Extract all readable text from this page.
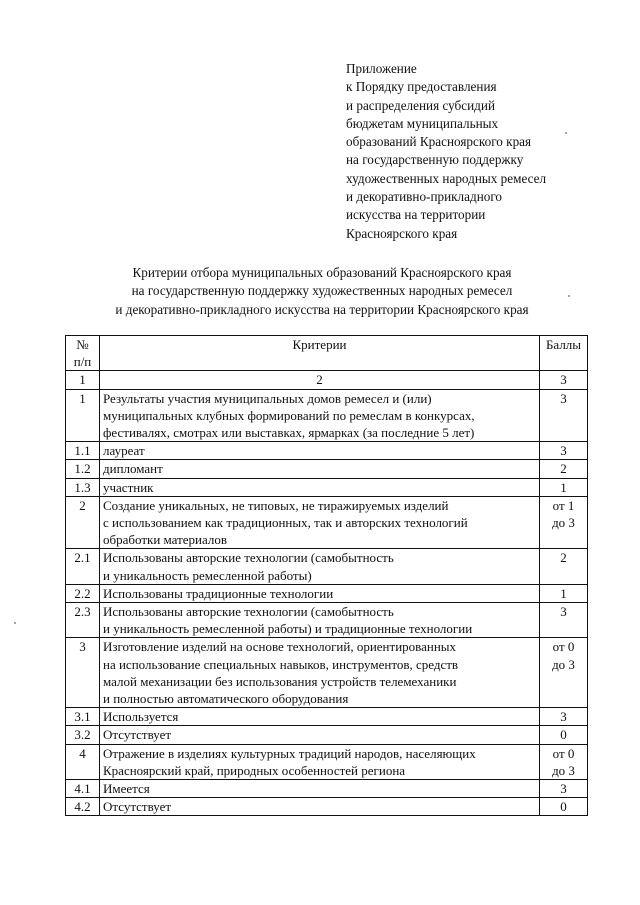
Приложение
к Порядку предоставления
и распределения субсидий
бюджетам муниципальных
образований Красноярского края
на государственную поддержку
художественных народных ремесел
и декоративно-прикладного
искусства на территории
Красноярского края
Критерии отбора муниципальных образований Красноярского края
на государственную поддержку художественных народных ремесел
и декоративно-прикладного искусства на территории Красноярского края
№
п/п	Критерии	Баллы

1	2	3
1	Результаты участия муниципальных домов ремесел и (или)
муниципальных клубных формирований по ремеслам в конкурсах,
фестивалях, смотрах или выставках, ярмарках (за последние 5 лет)	3

1.1	лауреат	3

1.2	дипломант	2

1.3	участник	1

2	Создание уникальных, не типовых, не тиражируемых изделий
с использованием как традиционных, так и авторских технологий
обработки материалов	от 1
до 3

2.1	Использованы авторские технологии (самобытность
и уникальность ремесленной работы)	2

2.2	Использованы традиционные технологии	1

2.3	Использованы авторские технологии (самобытность
и уникальность ремесленной работы) и традиционные технологии	3

3	Изготовление изделий на основе технологий, ориентированных
на использование специальных навыков, инструментов, средств
малой механизации без использования устройств телемеханики
и полностью автоматического оборудования	от 0
до 3

3.1	Используется	3

3.2	Отсутствует	0

4	Отражение в изделиях культурных традиций народов, населяющих
Красноярский край, природных особенностей региона	от 0
до 3

4.1	Имеется	3

4.2	Отсутствует	0
